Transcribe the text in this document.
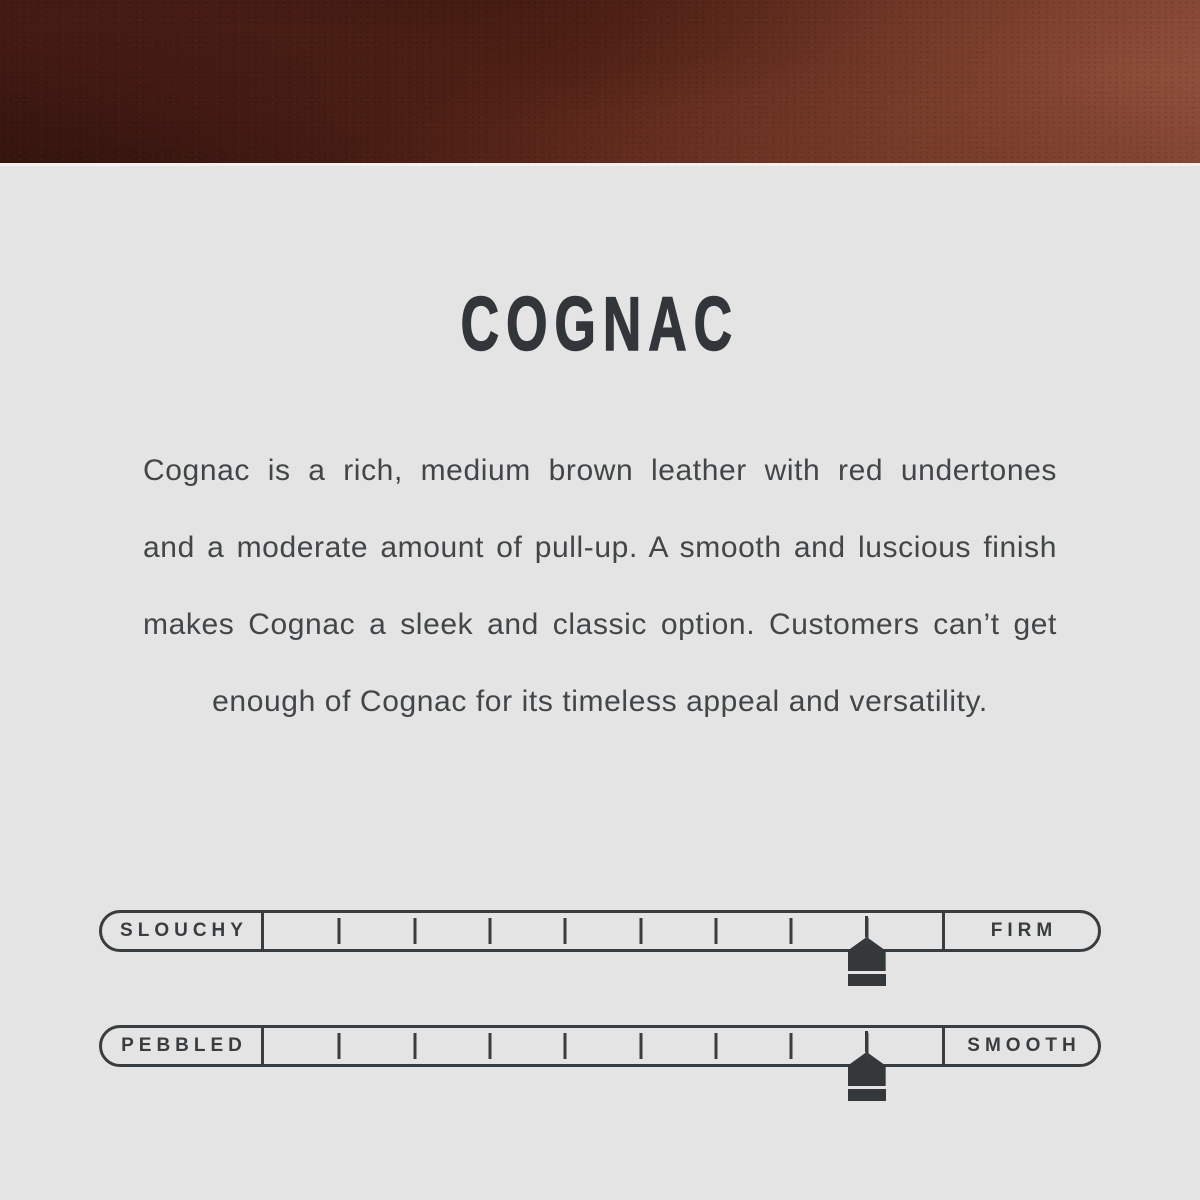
COGNAC
Cognac is a rich, medium brown leather with red undertones
and a moderate amount of pull-up. A smooth and luscious finish
makes Cognac a sleek and classic option. Customers can’t get
enough of Cognac for its timeless appeal and versatility.
SLOUCHY	FIRM
PEBBLED	SMOOTH
